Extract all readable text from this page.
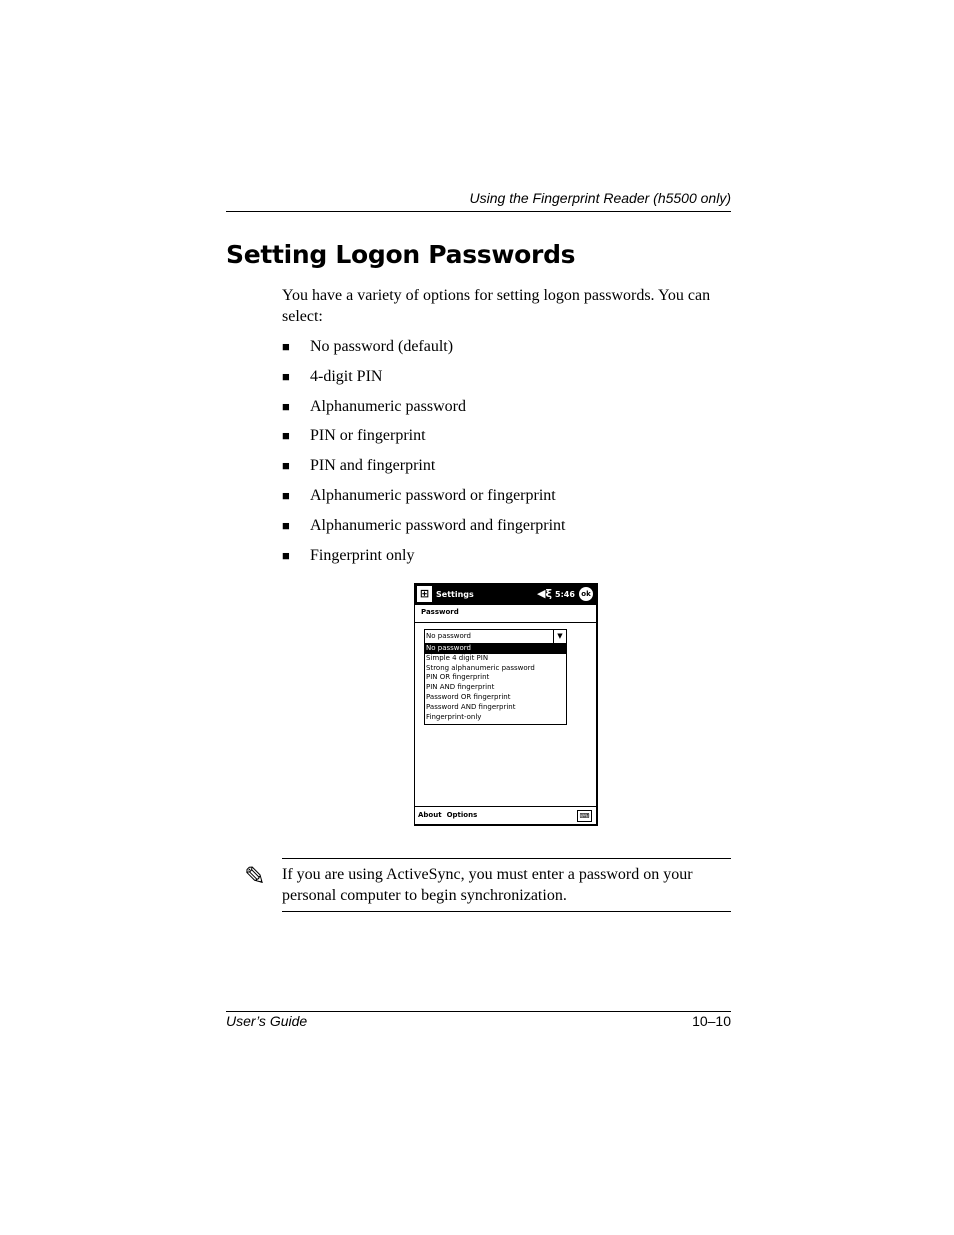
Using the Fingerprint Reader (h5500 only)
Setting Logon Passwords

You have a variety of options for setting logon passwords. You can select:

■	No password (default)
■	4-digit PIN
■	Alphanumeric password
■	PIN or fingerprint
■	PIN and fingerprint
■	Alphanumeric password or fingerprint
■	Alphanumeric password and fingerprint
■	Fingerprint only
⊞ Settings	◀ξ 5:46 ok
Password
No password	▼
No password
Simple 4 digit PIN
Strong alphanumeric password
PIN OR fingerprint
PIN AND fingerprint
Password OR fingerprint
Password AND fingerprint
Fingerprint-only
About Options	⌨
✎ If you are using ActiveSync, you must enter a password on your personal computer to begin synchronization.

User’s Guide	10–10
